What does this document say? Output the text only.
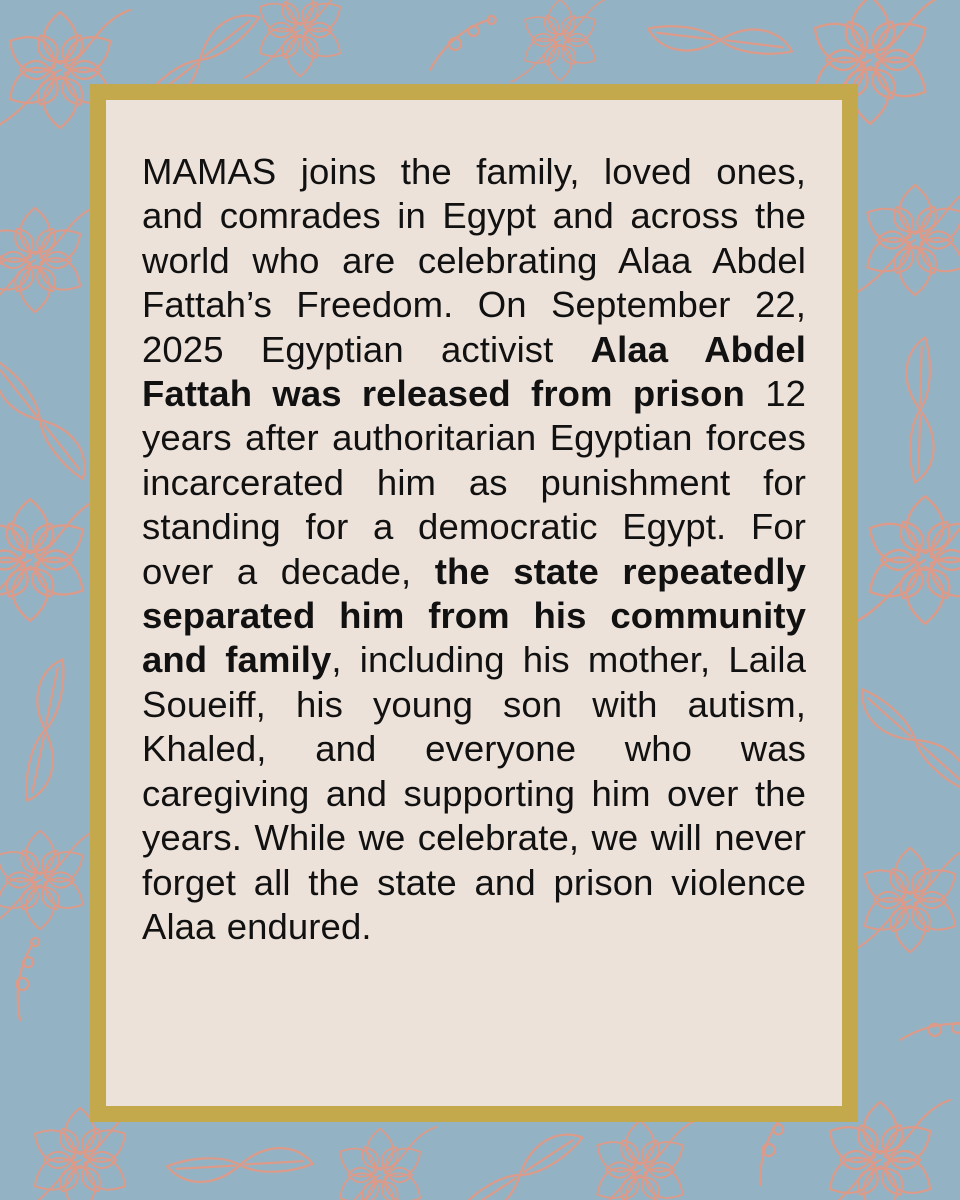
MAMAS joins the family, loved ones, and comrades in Egypt and across the world who are celebrating Alaa Abdel Fattah’s Freedom. On September 22, 2025 Egyptian activist Alaa Abdel Fattah was released from prison 12 years after authoritarian Egyptian forces incarcerated him as punishment for standing for a democratic Egypt. For over a decade, the state repeatedly separated him from his community and family, including his mother, Laila Soueiff, his young son with autism, Khaled, and everyone who was caregiving and supporting him over the years. While we celebrate, we will never forget all the state and prison violence Alaa endured.
